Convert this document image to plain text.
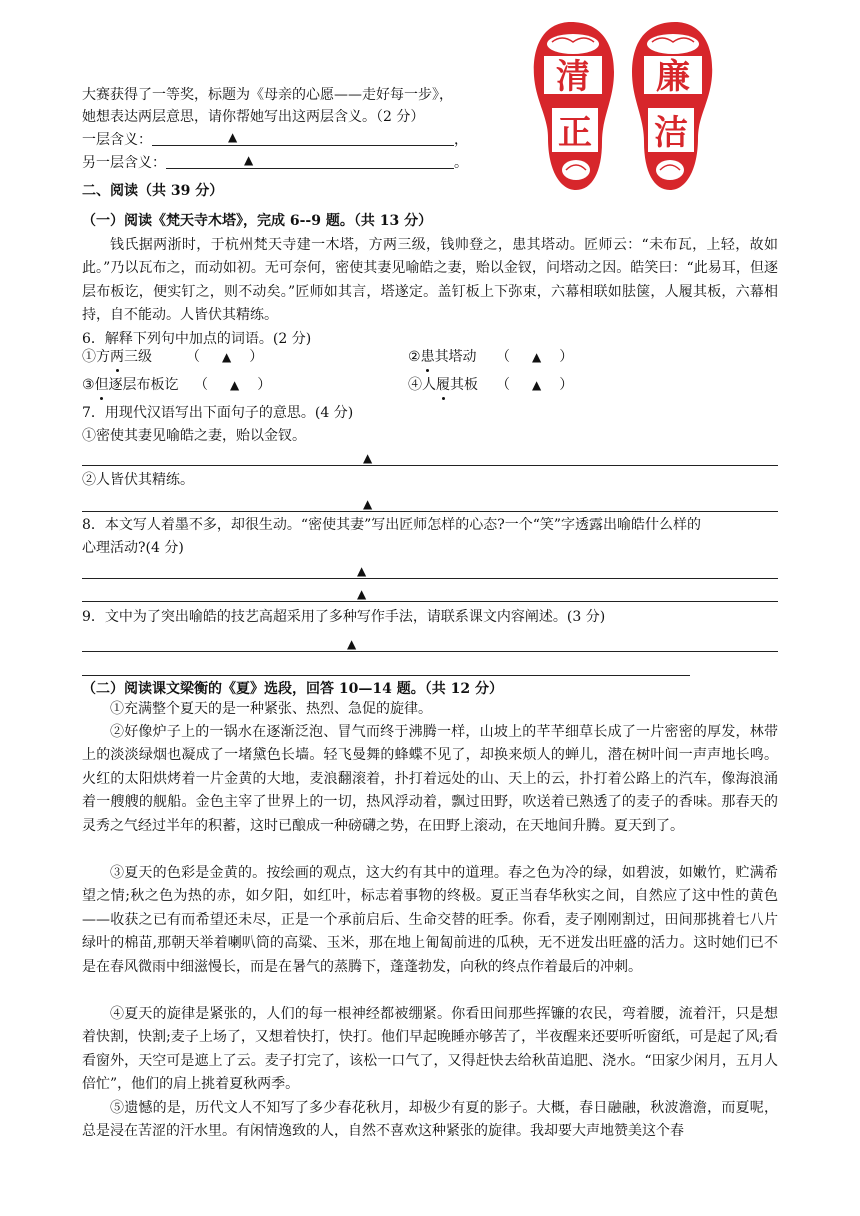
清
正
廉
洁
大赛获得了一等奖，标题为《母亲的心愿——走好每一步》，
她想表达两层意思，请你帮她写出这两层含义。（2 分）
一层含义：	▲	，
另一层含义：	▲	。
二、阅读（共 39 分）
（一）阅读《梵天寺木塔》，完成 6--9 题。（共 13 分）
钱氏据两浙时，于杭州梵天寺建一木塔，方两三级，钱帅登之，患其塔动。匠师云：“未布瓦，上轻，故如此。”乃以瓦布之，而动如初。无可奈何，密使其妻见喻皓之妻，贻以金钗，问塔动之因。皓笑曰：“此易耳，但逐层布板讫，便实钉之，则不动矣。”匠师如其言，塔遂定。盖钉板上下弥束，六幕相联如胠箧，人履其板，六幕相持，自不能动。人皆伏其精练。
6．解释下列句中加点的词语。(2 分)
①方两三级 （ ▲ ）	②患其塔动 （ ▲ ）
③但逐层布板讫 （ ▲ ）	④人履其板 （ ▲ ）
7．用现代汉语写出下面句子的意思。(4 分)
①密使其妻见喻皓之妻，贻以金钗。
▲
②人皆伏其精练。
▲
8．本文写人着墨不多，却很生动。“密使其妻”写出匠师怎样的心态?一个“笑”字透露出喻皓什么样的
心理活动?(4 分)
▲
▲
9．文中为了突出喻皓的技艺高超采用了多种写作手法，请联系课文内容阐述。(3 分)
▲
（二）阅读课文梁衡的《夏》选段，回答 10—14 题。（共 12 分）
①充满整个夏天的是一种紧张、热烈、急促的旋律。
②好像炉子上的一锅水在逐渐泛泡、冒气而终于沸腾一样，山坡上的芊芊细草长成了一片密密的厚发，林带上的淡淡绿烟也凝成了一堵黛色长墙。轻飞曼舞的蜂蝶不见了，却换来烦人的蝉儿，潜在树叶间一声声地长鸣。火红的太阳烘烤着一片金黄的大地，麦浪翻滚着，扑打着远处的山、天上的云，扑打着公路上的汽车，像海浪涌着一艘艘的舰船。金色主宰了世界上的一切，热风浮动着，飘过田野，吹送着已熟透了的麦子的香味。那春天的灵秀之气经过半年的积蓄，这时已酿成一种磅礴之势，在田野上滚动，在天地间升腾。夏天到了。
③夏天的色彩是金黄的。按绘画的观点，这大约有其中的道理。春之色为冷的绿，如碧波，如嫩竹，贮满希望之情;秋之色为热的赤，如夕阳，如红叶，标志着事物的终极。夏正当春华秋实之间，自然应了这中性的黄色——收获之已有而希望还未尽，正是一个承前启后、生命交替的旺季。你看，麦子刚刚割过，田间那挑着七八片绿叶的棉苗,那朝天举着喇叭筒的高粱、玉米，那在地上匍匐前进的瓜秧，无不迸发出旺盛的活力。这时她们已不是在春风微雨中细滋慢长，而是在暑气的蒸腾下，蓬蓬勃发，向秋的终点作着最后的冲刺。
④夏天的旋律是紧张的，人们的每一根神经都被绷紧。你看田间那些挥镰的农民，弯着腰，流着汗，只是想着快割，快割;麦子上场了，又想着快打，快打。他们早起晚睡亦够苦了，半夜醒来还要听听窗纸，可是起了风;看看窗外，天空可是遮上了云。麦子打完了，该松一口气了，又得赶快去给秋苗追肥、浇水。“田家少闲月，五月人倍忙”，他们的肩上挑着夏秋两季。
⑤遗憾的是，历代文人不知写了多少春花秋月，却极少有夏的影子。大概，春日融融，秋波澹澹，而夏呢，总是浸在苦涩的汗水里。有闲情逸致的人，自然不喜欢这种紧张的旋律。我却要大声地赞美这个春
